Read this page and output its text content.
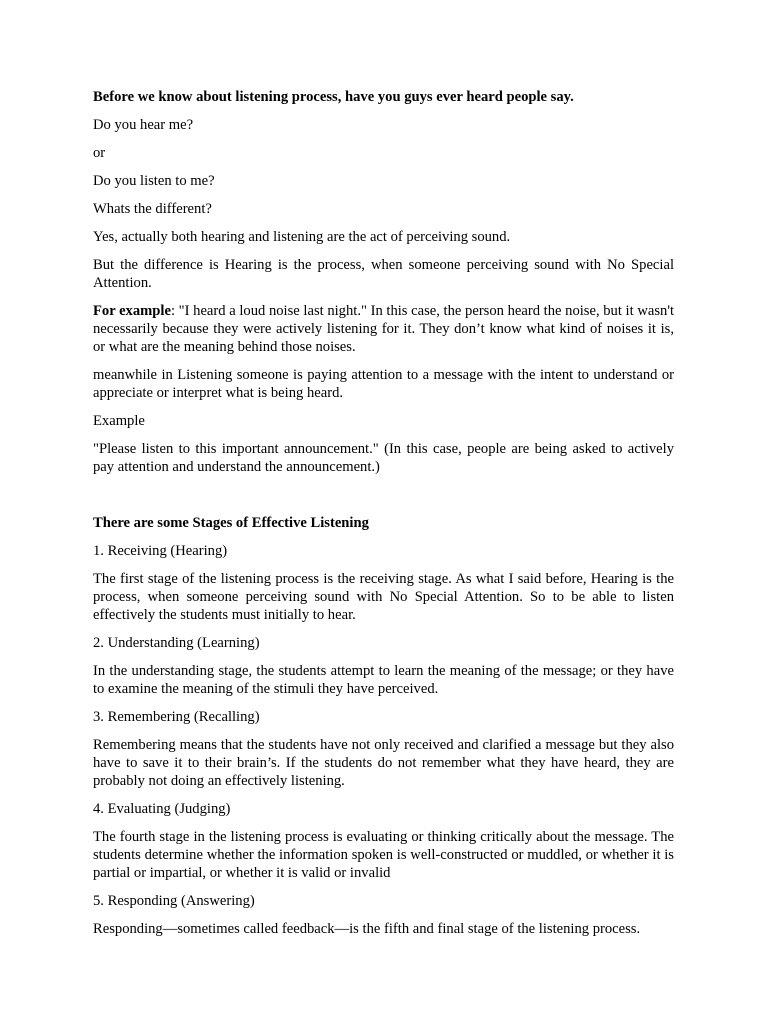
Before we know about listening process, have you guys ever heard people say.

Do you hear me?

or

Do you listen to me?

Whats the different?

Yes, actually both hearing and listening are the act of perceiving sound.

But the difference is Hearing is the process, when someone perceiving sound with No Special Attention.

For example: "I heard a loud noise last night." In this case, the person heard the noise, but it wasn't necessarily because they were actively listening for it. They don’t know what kind of noises it is, or what are the meaning behind those noises.

meanwhile in Listening someone is paying attention to a message with the intent to understand or appreciate or interpret what is being heard.

Example

"Please listen to this important announcement." (In this case, people are being asked to actively pay attention and understand the announcement.)

There are some Stages of Effective Listening

1. Receiving (Hearing)

The first stage of the listening process is the receiving stage. As what I said before, Hearing is the process, when someone perceiving sound with No Special Attention. So to be able to listen effectively the students must initially to hear.

2. Understanding (Learning)

In the understanding stage, the students attempt to learn the meaning of the message; or they have to examine the meaning of the stimuli they have perceived.

3. Remembering (Recalling)

Remembering means that the students have not only received and clarified a message but they also have to save it to their brain’s. If the students do not remember what they have heard, they are probably not doing an effectively listening.

4. Evaluating (Judging)

The fourth stage in the listening process is evaluating or thinking critically about the message. The students determine whether the information spoken is well-constructed or muddled, or whether it is partial or impartial, or whether it is valid or invalid

5. Responding (Answering)

Responding—sometimes called feedback—is the fifth and final stage of the listening process.
